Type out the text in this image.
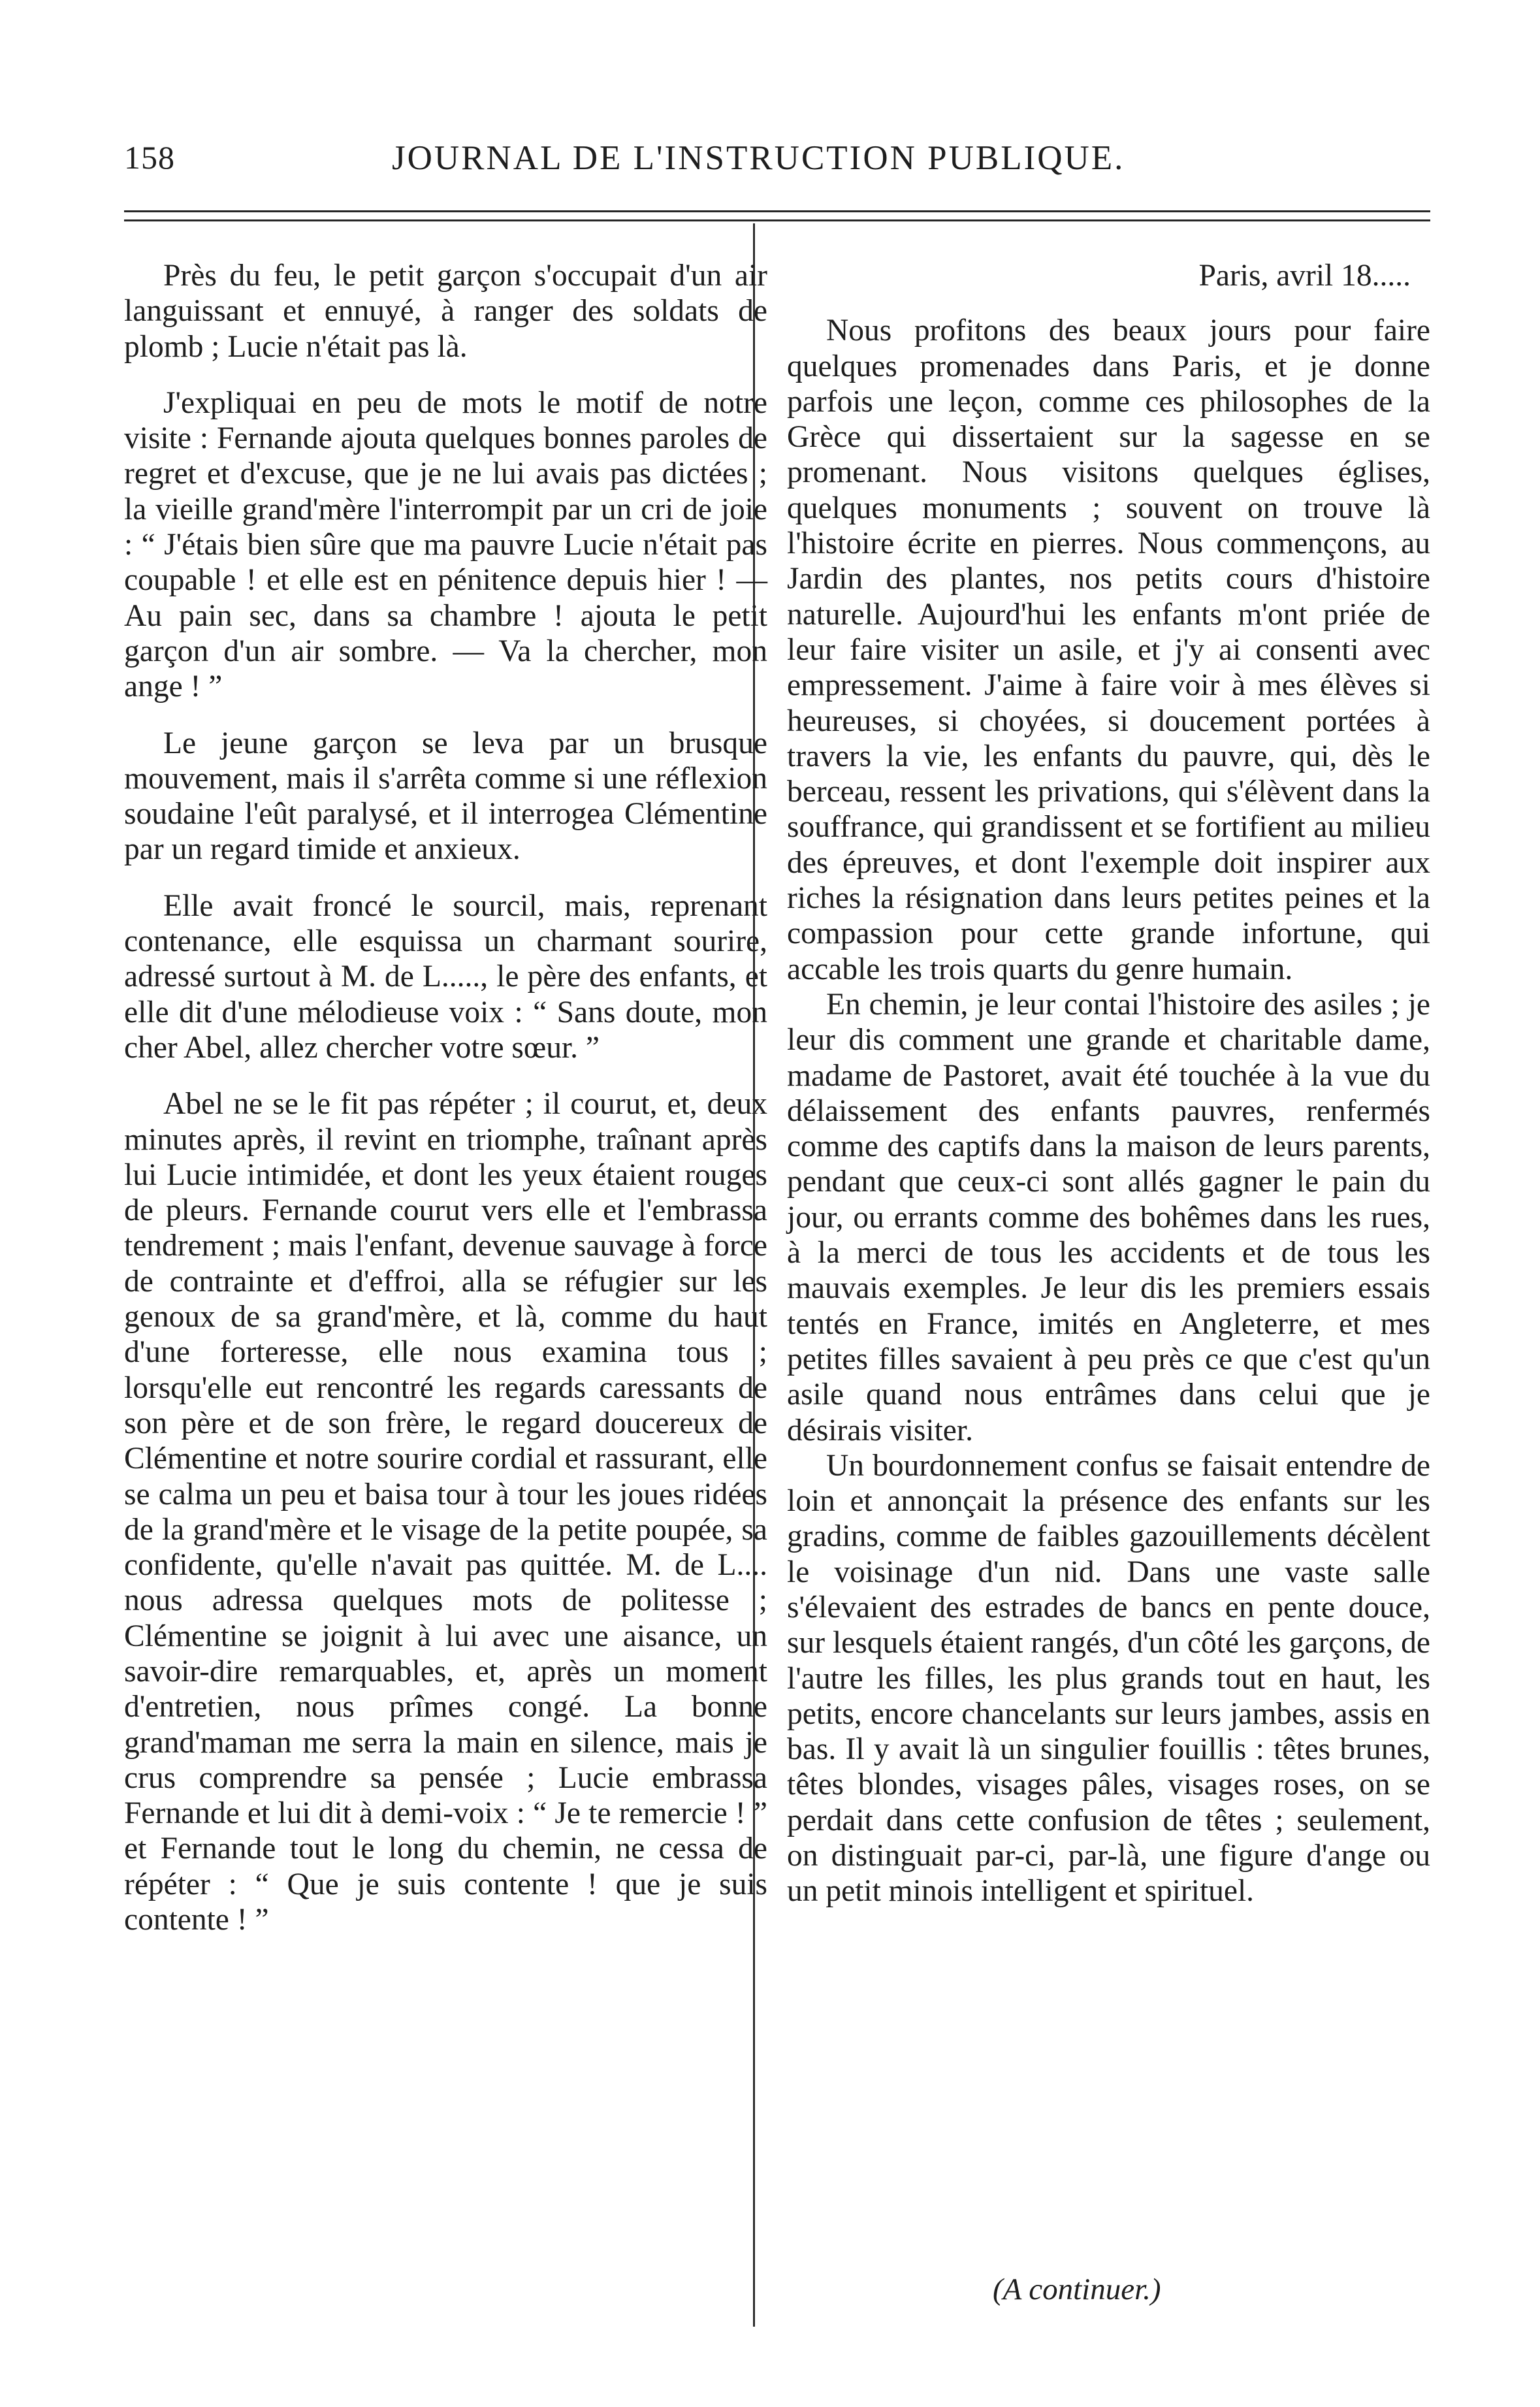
158	JOURNAL DE L'INSTRUCTION PUBLIQUE.

Près du feu, le petit garçon s'occupait d'un air languissant et ennuyé, à ranger des soldats de plomb ; Lucie n'était pas là.

J'expliquai en peu de mots le motif de notre visite : Fernande ajouta quelques bonnes paroles de regret et d'excuse, que je ne lui avais pas dictées ; la vieille grand'mère l'interrompit par un cri de joie : “ J'étais bien sûre que ma pauvre Lucie n'était pas coupable ! et elle est en pénitence depuis hier ! — Au pain sec, dans sa chambre ! ajouta le petit garçon d'un air sombre. — Va la chercher, mon ange ! ”

Le jeune garçon se leva par un brusque mouvement, mais il s'arrêta comme si une réflexion soudaine l'eût paralysé, et il interrogea Clémentine par un regard timide et anxieux.

Elle avait froncé le sourcil, mais, reprenant contenance, elle esquissa un charmant sourire, adressé surtout à M. de L....., le père des enfants, et elle dit d'une mélodieuse voix : “ Sans doute, mon cher Abel, allez chercher votre sœur. ”

Abel ne se le fit pas répéter ; il courut, et, deux minutes après, il revint en triomphe, traînant après lui Lucie intimidée, et dont les yeux étaient rouges de pleurs. Fernande courut vers elle et l'embrassa tendrement ; mais l'enfant, devenue sauvage à force de contrainte et d'effroi, alla se réfugier sur les genoux de sa grand'mère, et là, comme du haut d'une forteresse, elle nous examina tous ; lorsqu'elle eut rencontré les regards caressants de son père et de son frère, le regard doucereux de Clémentine et notre sourire cordial et rassurant, elle se calma un peu et baisa tour à tour les joues ridées de la grand'mère et le visage de la petite poupée, sa confidente, qu'elle n'avait pas quittée. M. de L.... nous adressa quelques mots de politesse ; Clémentine se joignit à lui avec une aisance, un savoir-dire remarquables, et, après un moment d'entretien, nous prîmes congé. La bonne grand'maman me serra la main en silence, mais je crus comprendre sa pensée ; Lucie embrassa Fernande et lui dit à demi-voix : “ Je te remercie ! ” et Fernande tout le long du chemin, ne cessa de répéter : “ Que je suis contente ! que je suis contente ! ”

Paris, avril 18.....

Nous profitons des beaux jours pour faire quelques promenades dans Paris, et je donne parfois une leçon, comme ces philosophes de la Grèce qui dissertaient sur la sagesse en se promenant. Nous visitons quelques églises, quelques monuments ; souvent on trouve là l'histoire écrite en pierres. Nous commençons, au Jardin des plantes, nos petits cours d'histoire naturelle. Aujourd'hui les enfants m'ont priée de leur faire visiter un asile, et j'y ai consenti avec empressement. J'aime à faire voir à mes élèves si heureuses, si choyées, si doucement portées à travers la vie, les enfants du pauvre, qui, dès le berceau, ressent les privations, qui s'élèvent dans la souffrance, qui grandissent et se fortifient au milieu des épreuves, et dont l'exemple doit inspirer aux riches la résignation dans leurs petites peines et la compassion pour cette grande infortune, qui accable les trois quarts du genre humain.

En chemin, je leur contai l'histoire des asiles ; je leur dis comment une grande et charitable dame, madame de Pastoret, avait été touchée à la vue du délaissement des enfants pauvres, renfermés comme des captifs dans la maison de leurs parents, pendant que ceux-ci sont allés gagner le pain du jour, ou errants comme des bohêmes dans les rues, à la merci de tous les accidents et de tous les mauvais exemples. Je leur dis les premiers essais tentés en France, imités en Angleterre, et mes petites filles savaient à peu près ce que c'est qu'un asile quand nous entrâmes dans celui que je désirais visiter.

Un bourdonnement confus se faisait entendre de loin et annonçait la présence des enfants sur les gradins, comme de faibles gazouillements décèlent le voisinage d'un nid. Dans une vaste salle s'élevaient des estrades de bancs en pente douce, sur lesquels étaient rangés, d'un côté les garçons, de l'autre les filles, les plus grands tout en haut, les petits, encore chancelants sur leurs jambes, assis en bas. Il y avait là un singulier fouillis : têtes brunes, têtes blondes, visages pâles, visages roses, on se perdait dans cette confusion de têtes ; seulement, on distinguait par-ci, par-là, une figure d'ange ou un petit minois intelligent et spirituel.

(A continuer.)
